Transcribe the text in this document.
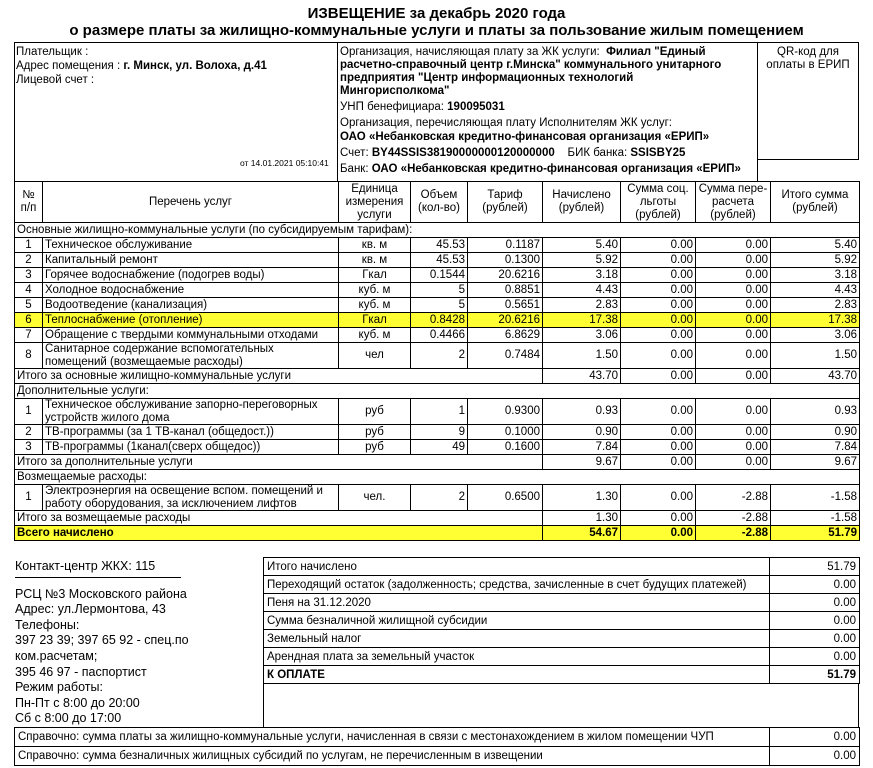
ИЗВЕЩЕНИЕ за декабрь 2020 года
о размере платы за жилищно-коммунальные услуги и платы за пользование жилым помещением
Плательщик :
Адрес помещения : г. Минск, ул. Волоха, д.41
Лицевой счет :
от 14.01.2021 05:10:41
Организация, начисляющая плату за ЖК услуги: Филиал "Единый
расчетно-справочный центр г.Минска" коммунального унитарного
предприятия "Центр информационных технологий
Мингорисполкома"
УНП бенефициара: 190095031
Организация, перечисляющая плату Исполнителям ЖК услуг:
ОАО «Небанковская кредитно-финансовая организация «ЕРИП»
Счет: BY44SSIS38190000000120000000 БИК банка: SSISBY25
Банк: ОАО «Небанковская кредитно-финансовая организация «ЕРИП»
QR-код для
оплаты в ЕРИП
№ п/п	Перечень услуг	Единица измерения услуги	Объем (кол-во)	Тариф (рублей)	Начислено (рублей)	Сумма соц. льготы (рублей)	Сумма пере- расчета (рублей)	Итого сумма (рублей)
Основные жилищно-коммунальные услуги (по субсидируемым тарифам):								
1	Техническое обслуживание	кв. м	45.53	0.1187	5.40	0.00	0.00	5.40
2	Капитальный ремонт	кв. м	45.53	0.1300	5.92	0.00	0.00	5.92
3	Горячее водоснабжение (подогрев воды)	Гкал	0.1544	20.6216	3.18	0.00	0.00	3.18
4	Холодное водоснабжение	куб. м	5	0.8851	4.43	0.00	0.00	4.43
5	Водоотведение (канализация)	куб. м	5	0.5651	2.83	0.00	0.00	2.83
6	Теплоснабжение (отопление)	Гкал	0.8428	20.6216	17.38	0.00	0.00	17.38
7	Обращение с твердыми коммунальными отходами	куб. м	0.4466	6.8629	3.06	0.00	0.00	3.06
8	Санитарное содержание вспомогательных помещений (возмещаемые расходы)	чел	2	0.7484	1.50	0.00	0.00	1.50
Итого за основные жилищно-коммунальные услуги					43.70	0.00	0.00	43.70
Дополнительные услуги:								
1	Техническое обслуживание запорно-переговорных устройств жилого дома	руб	1	0.9300	0.93	0.00	0.00	0.93
2	ТВ-программы (за 1 ТВ-канал (общедост.))	руб	9	0.1000	0.90	0.00	0.00	0.90
3	ТВ-программы (1канал(сверх общедос))	руб	49	0.1600	7.84	0.00	0.00	7.84
Итого за дополнительные услуги					9.67	0.00	0.00	9.67
Возмещаемые расходы:								
1	Электроэнергия на освещение вспом. помещений и работу оборудования, за исключением лифтов	чел.	2	0.6500	1.30	0.00	-2.88	-1.58
Итого за возмещаемые расходы					1.30	0.00	-2.88	-1.58
Всего начислено					54.67	0.00	-2.88	51.79
Контакт-центр ЖКХ: 115
РСЦ №3 Московского района
Адрес: ул.Лермонтова, 43
Телефоны:
397 23 39; 397 65 92 - спец.по
ком.расчетам;
395 46 97 - паспортист
Режим работы:
Пн-Пт с 8:00 до 20:00
Сб с 8:00 до 17:00
Итого начислено	51.79
Переходящий остаток (задолженность; средства, зачисленные в счет будущих платежей)	0.00
Пеня на 31.12.2020	0.00
Сумма безналичной жилищной субсидии	0.00
Земельный налог	0.00
Арендная плата за земельный участок	0.00
К ОПЛАТЕ	51.79
Справочно: сумма платы за жилищно-коммунальные услуги, начисленная в связи с местонахождением в жилом помещении ЧУП	0.00
Справочно: сумма безналичных жилищных субсидий по услугам, не перечисленным в извещении	0.00
